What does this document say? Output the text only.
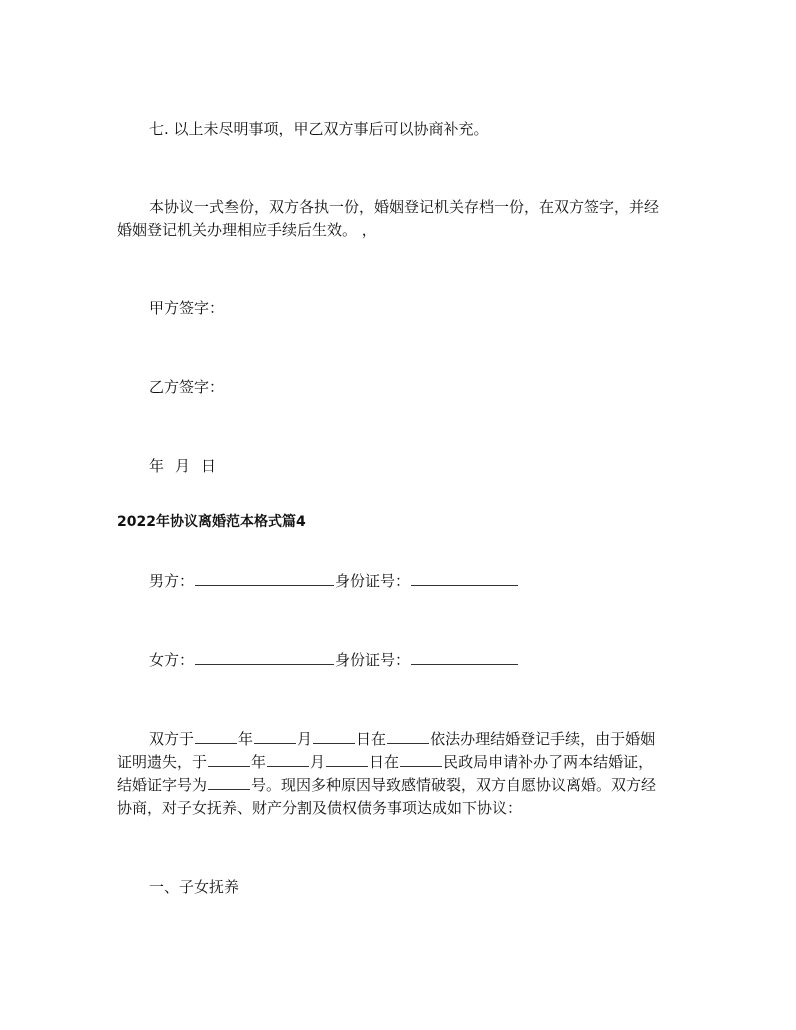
七. 以上未尽明事项，甲乙双方事后可以协商补充。
本协议一式叁份，双方各执一份，婚姻登记机关存档一份，在双方签字，并经
婚姻登记机关办理相应手续后生效。 ，
甲方签字：
乙方签字：
年 月 日
2022年协议离婚范本格式篇4
男方：	身份证号：
女方：	身份证号：
双方于	年	月	日在	依法办理结婚登记手续，由于婚姻
证明遗失，于	年	月	日在	民政局申请补办了两本结婚证，
结婚证字号为	号。现因多种原因导致感情破裂，双方自愿协议离婚。双方经
协商，对子女抚养、财产分割及债权债务事项达成如下协议：
一、子女抚养
